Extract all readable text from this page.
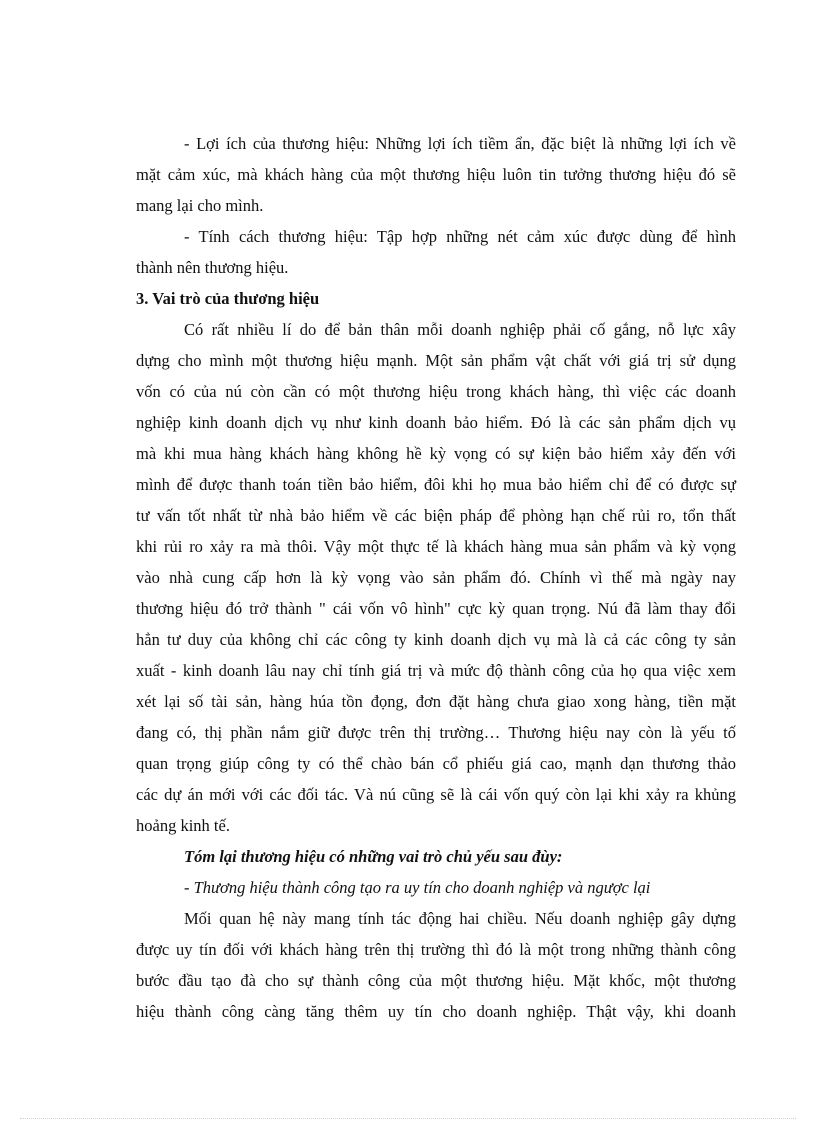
- Lợi ích của thương hiệu: Những lợi ích tiềm ẩn, đặc biệt là những lợi ích về
mặt cảm xúc, mà khách hàng của một thương hiệu luôn tin tưởng thương hiệu đó sẽ
mang lại cho mình.
- Tính cách thương hiệu: Tập hợp những nét cảm xúc được dùng để hình
thành nên thương hiệu.
3. Vai trò của thương hiệu
Có rất nhiều lí do để bản thân mỗi doanh nghiệp phải cố gắng, nỗ lực xây
dựng cho mình một thương hiệu mạnh. Một sản phẩm vật chất với giá trị sử dụng
vốn có của nú còn cần có một thương hiệu trong khách hàng, thì việc các doanh
nghiệp kinh doanh dịch vụ như kinh doanh bảo hiểm. Đó là các sản phẩm dịch vụ
mà khi mua hàng khách hàng không hề kỳ vọng có sự kiện bảo hiểm xảy đến với
mình để được thanh toán tiền bảo hiểm, đôi khi họ mua bảo hiểm chỉ để có được sự
tư vấn tốt nhất từ nhà bảo hiểm về các biện pháp để phòng hạn chế rủi ro, tổn thất
khi rủi ro xảy ra mà thôi. Vậy một thực tế là khách hàng mua sản phẩm và kỳ vọng
vào nhà cung cấp hơn là kỳ vọng vào sản phẩm đó. Chính vì thế mà ngày nay
thương hiệu đó trở thành " cái vốn vô hình" cực kỳ quan trọng. Nú đã làm thay đổi
hẳn tư duy của không chỉ các công ty kinh doanh dịch vụ mà là cả các công ty sản
xuất - kinh doanh lâu nay chỉ tính giá trị và mức độ thành công của họ qua việc xem
xét lại số tài sản, hàng húa tồn đọng, đơn đặt hàng chưa giao xong hàng, tiền mặt
đang có, thị phần nắm giữ được trên thị trường… Thương hiệu nay còn là yếu tố
quan trọng giúp công ty có thể chào bán cổ phiếu giá cao, mạnh dạn thương thảo
các dự án mới với các đối tác. Và nú cũng sẽ là cái vốn quý còn lại khi xảy ra khủng
hoảng kinh tế.
Tóm lại thương hiệu có những vai trò chủ yếu sau đùy:
- Thương hiệu thành công tạo ra uy tín cho doanh nghiệp và ngược lại
Mối quan hệ này mang tính tác động hai chiều. Nếu doanh nghiệp gây dựng
được uy tín đối với khách hàng trên thị trường thì đó là một trong những thành công
bước đầu tạo đà cho sự thành công của một thương hiệu. Mặt khốc, một thương
hiệu thành công càng tăng thêm uy tín cho doanh nghiệp. Thật vậy, khi doanh
